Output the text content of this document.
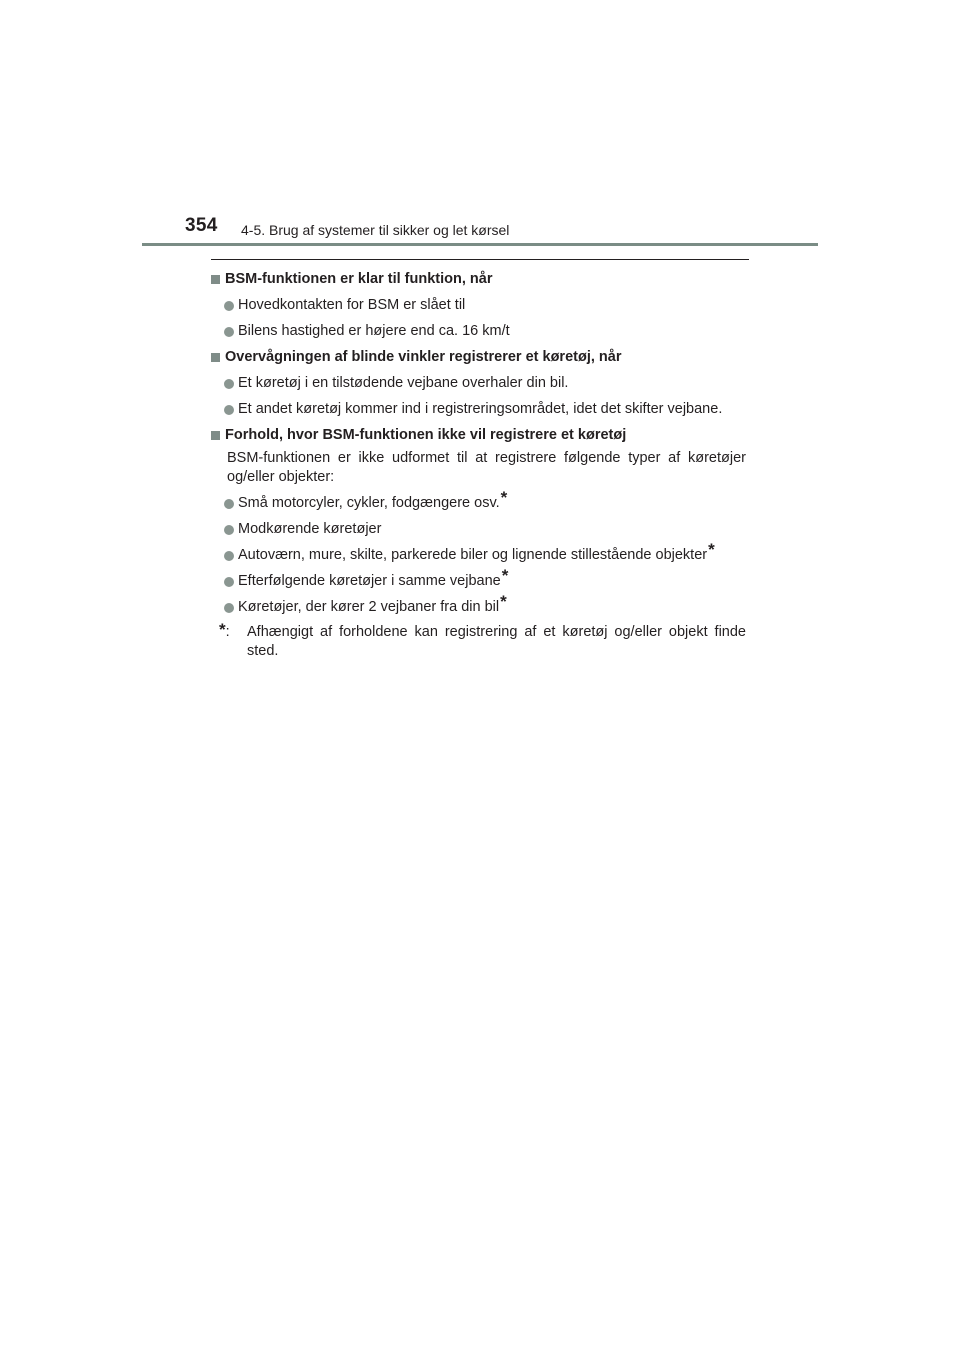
354 4-5. Brug af systemer til sikker og let kørsel
BSM-funktionen er klar til funktion, når
Hovedkontakten for BSM er slået til
Bilens hastighed er højere end ca. 16 km/t
Overvågningen af blinde vinkler registrerer et køretøj, når
Et køretøj i en tilstødende vejbane overhaler din bil.
Et andet køretøj kommer ind i registreringsområdet, idet det skifter vejbane.
Forhold, hvor BSM-funktionen ikke vil registrere et køretøj
BSM-funktionen er ikke udformet til at registrere følgende typer af køretøjer
og/eller objekter:
Små motorcyler, cykler, fodgængere osv. *
Modkørende køretøjer
Autoværn, mure, skilte, parkerede biler og lignende stillestående objekter *
Efterfølgende køretøjer i samme vejbane *
Køretøjer, der kører 2 vejbaner fra din bil *
* : Afhængigt af forholdene kan registrering af et køretøj og/eller objekt finde
sted.
